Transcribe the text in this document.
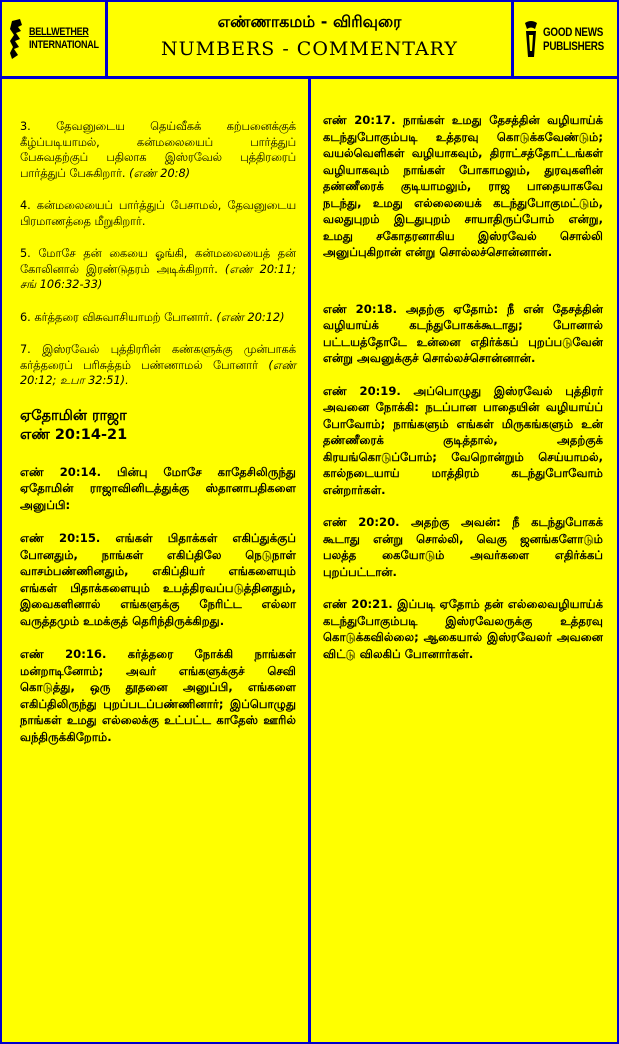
BELLWETHER
INTERNATIONAL
எண்ணாகமம் - விரிவுரை
NUMBERS - COMMENTARY
GOOD NEWS
PUBLISHERS
3. தேவனுடைய தெய்வீகக் கற்பனைக்குக் கீழ்ப்படியாமல், கன்மலையைப் பார்த்துப் பேசுவதற்குப் பதிலாக இஸ்ரவேல் புத்திரரைப் பார்த்துப் பேசுகிறார். (எண் 20:8)
4. கன்மலையைப் பார்த்துப் பேசாமல், தேவனுடைய பிரமாணத்தை மீறுகிறார்.
5. மோசே தன் கையை ஓங்கி, கன்மலையைத் தன் கோலினால் இரண்டுதரம் அடிக்கிறார். (எண் 20:11; சங் 106:32-33)
6. கர்த்தரை விசுவாசியாமற் போனார். (எண் 20:12)
7. இஸ்ரவேல் புத்திரரின் கண்களுக்கு முன்பாகக் கர்த்தரைப் பரிசுத்தம் பண்ணாமல் போனார் (எண் 20:12; உபா 32:51).
ஏதோமின் ராஜா
எண் 20:14-21

எண் 20:14. பின்பு மோசே காதேசிலிருந்து ஏதோமின் ராஜாவினிடத்துக்கு ஸ்தானாபதிகளை அனுப்பி:

எண் 20:15. எங்கள் பிதாக்கள் எகிப்துக்குப் போனதும், நாங்கள் எகிப்திலே நெடுநாள் வாசம்பண்ணினதும், எகிப்தியர் எங்களையும் எங்கள் பிதாக்களையும் உபத்திரவப்படுத்தினதும், இவைகளினால் எங்களுக்கு நேரிட்ட எல்லா வருத்தமும் உமக்குத் தெரிந்திருக்கிறது.

எண் 20:16. கர்த்தரை நோக்கி நாங்கள் மன்றாடினோம்; அவர் எங்களுக்குச் செவி கொடுத்து, ஒரு தூதனை அனுப்பி, எங்களை எகிப்திலிருந்து புறப்படப்பண்ணினார்; இப்பொழுது நாங்கள் உமது எல்லைக்கு உட்பட்ட காதேஸ் ஊரில் வந்திருக்கிறோம்.

எண் 20:17. நாங்கள் உமது தேசத்தின் வழியாய்க் கடந்துபோகும்படி உத்தரவு கொடுக்கவேண்டும்; வயல்வெளிகள் வழியாகவும், திராட்சத்தோட்டங்கள் வழியாகவும் நாங்கள் போகாமலும், துரவுகளின் தண்ணீரைக் குடியாமலும், ராஜ பாதையாகவே நடந்து, உமது எல்லையைக் கடந்துபோகுமட்டும், வலதுபுறம் இடதுபுறம் சாயாதிருப்போம் என்று, உமது சகோதரனாகிய இஸ்ரவேல் சொல்லி அனுப்புகிறான் என்று சொல்லச்சொன்னான்.

எண் 20:18. அதற்கு ஏதோம்: நீ என் தேசத்தின் வழியாய்க் கடந்துபோகக்கூடாது; போனால் பட்டயத்தோடே உன்னை எதிர்க்கப் புறப்படுவேன் என்று அவனுக்குச் சொல்லச்சொன்னான்.

எண் 20:19. அப்பொழுது இஸ்ரவேல் புத்திரர் அவனை நோக்கி: நடப்பான பாதையின் வழியாய்ப் போவோம்; நாங்களும் எங்கள் மிருகங்களும் உன் தண்ணீரைக் குடித்தால், அதற்குக் கிரயங்கொடுப்போம்; வேறொன்றும் செய்யாமல், கால்நடையாய் மாத்திரம் கடந்துபோவோம் என்றார்கள்.

எண் 20:20. அதற்கு அவன்: நீ கடந்துபோகக் கூடாது என்று சொல்லி, வெகு ஜனங்களோடும் பலத்த கையோடும் அவர்களை எதிர்க்கப் புறப்பட்டான்.

எண் 20:21. இப்படி ஏதோம் தன் எல்லைவழியாய்க் கடந்துபோகும்படி இஸ்ரவேலருக்கு உத்தரவு கொடுக்கவில்லை; ஆகையால் இஸ்ரவேலர் அவனை விட்டு விலகிப் போனார்கள்.
